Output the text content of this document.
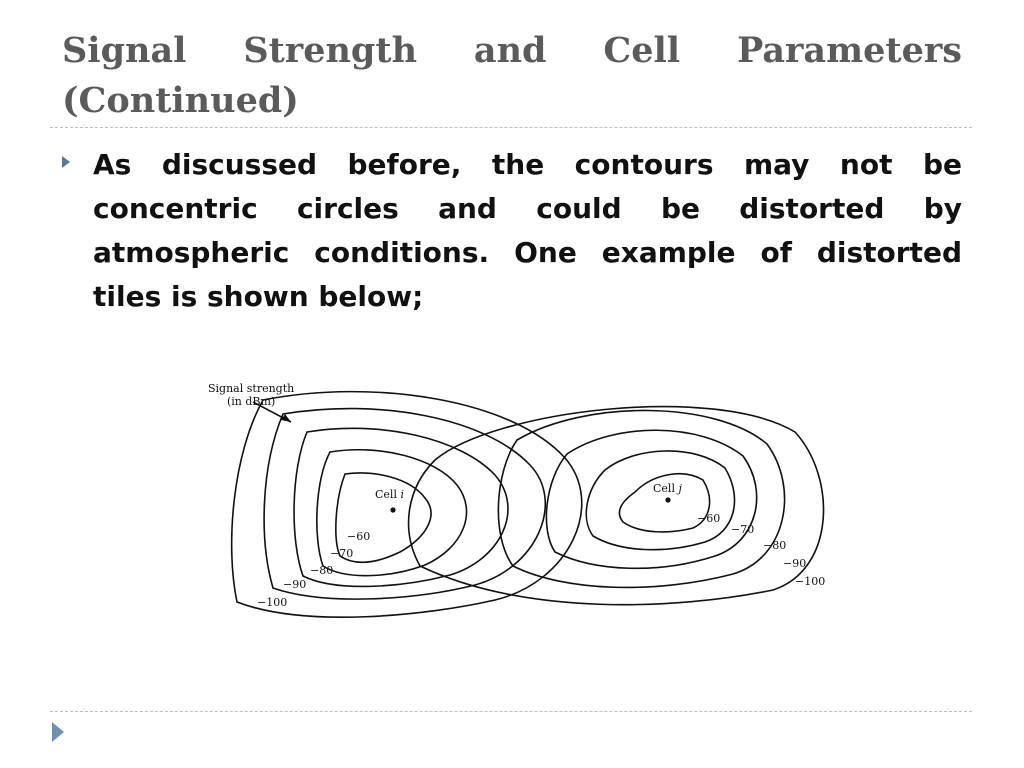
Signal Strength and Cell Parameters (Continued)

As discussed before, the contours may not be concentric circles and could be distorted by atmospheric conditions. One example of distorted tiles is shown below;

Signal strength
(in dBm)
Cell i	Cell j
−60
−70
−80
−90
−100
−60
−70
−80
−90
−100
